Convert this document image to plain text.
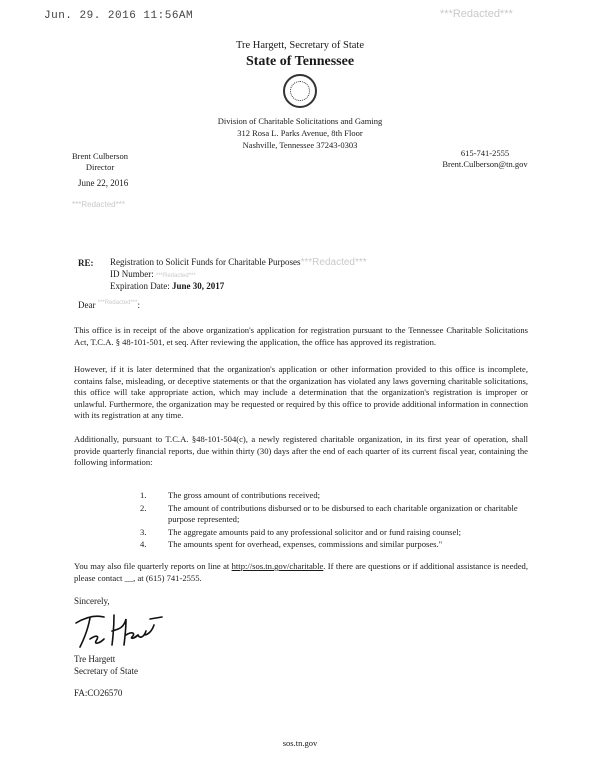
Jun. 29. 2016 11:56AM	***Redacted***
Tre Hargett, Secretary of State
State of Tennessee
Division of Charitable Solicitations and Gaming
312 Rosa L. Parks Avenue, 8th Floor
Nashville, Tennessee 37243-0303
Brent Culberson
Director
615-741-2555
Brent.Culberson@tn.gov
June 22, 2016
***Redacted***
RE: Registration to Solicit Funds for Charitable Purposes***Redacted***
ID Number: ***Redacted***
Expiration Date: June 30, 2017
Dear $^{***Redacted***}$:
This office is in receipt of the above organization's application for registration pursuant to the Tennessee Charitable Solicitations Act, T.C.A. § 48-101-501, et seq. After reviewing the application, the office has approved its registration.
However, if it is later determined that the organization's application or other information provided to this office is incomplete, contains false, misleading, or deceptive statements or that the organization has violated any laws governing charitable solicitations, this office will take appropriate action, which may include a determination that the organization's registration is improper or unlawful. Furthermore, the organization may be requested or required by this office to provide additional information in connection with its registration at any time.
Additionally, pursuant to T.C.A. §48-101-504(c), a newly registered charitable organization, in its first year of operation, shall provide quarterly financial reports, due within thirty (30) days after the end of each quarter of its current fiscal year, containing the following information:
1.	The gross amount of contributions received;
2.	The amount of contributions disbursed or to be disbursed to each charitable organization or charitable purpose represented;
3.	The aggregate amounts paid to any professional solicitor and or fund raising counsel;
4.	The amounts spent for overhead, expenses, commissions and similar purposes."
You may also file quarterly reports on line at http://sos.tn.gov/charitable. If there are questions or if additional assistance is needed, please contact __, at (615) 741-2555.
Sincerely,
Tre Hargett
Secretary of State
FA:CO26570
sos.tn.gov
